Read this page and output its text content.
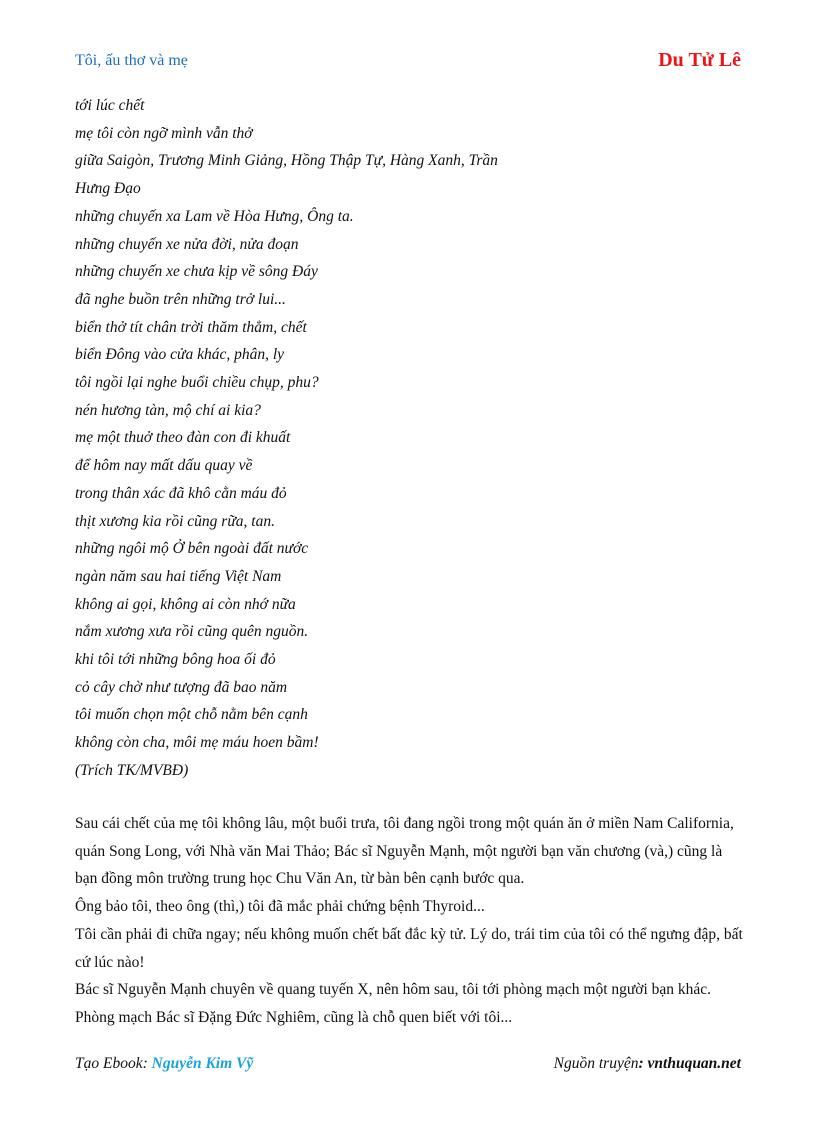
Tôi, ấu thơ và mẹ	Du Tử Lê
tới lúc chết
mẹ tôi còn ngỡ mình vẫn thở
giữa Saigòn, Trương Minh Giảng, Hồng Thập Tự, Hàng Xanh, Trần
Hưng Đạo
những chuyến xa Lam về Hòa Hưng, Ông ta.
những chuyến xe nửa đời, nửa đoạn
những chuyến xe chưa kịp về sông Đáy
đã nghe buồn trên những trở lui...
biển thở tít chân trời thăm thẳm, chết
biển Đông vào cửa khác, phân, ly
tôi ngồi lại nghe buổi chiều chụp, phu?
nén hương tàn, mộ chí ai kia?
mẹ một thuở theo đàn con đi khuất
để hôm nay mất dấu quay về
trong thân xác đã khô cằn máu đỏ
thịt xương kia rồi cũng rữa, tan.
những ngôi mộ Ở bên ngoài đất nước
ngàn năm sau hai tiếng Việt Nam
không ai gọi, không ai còn nhớ nữa
nắm xương xưa rồi cũng quên nguồn.
khi tôi tới những bông hoa ối đỏ
cỏ cây chờ như tượng đã bao năm
tôi muốn chọn một chỗ nằm bên cạnh
không còn cha, môi mẹ máu hoen bầm!
(Trích TK/MVBĐ)

Sau cái chết của mẹ tôi không lâu, một buổi trưa, tôi đang ngồi trong một quán ăn ở miền Nam California, quán Song Long, với Nhà văn Mai Thảo; Bác sĩ Nguyễn Mạnh, một người bạn văn chương (và,) cũng là bạn đồng môn trường trung học Chu Văn An, từ bàn bên cạnh bước qua.

Ông bảo tôi, theo ông (thì,) tôi đã mắc phải chứng bệnh Thyroid...

Tôi cần phải đi chữa ngay; nếu không muốn chết bất đắc kỳ tử. Lý do, trái tim của tôi có thể ngưng đập, bất cứ lúc nào!

Bác sĩ Nguyễn Mạnh chuyên về quang tuyến X, nên hôm sau, tôi tới phòng mạch một người bạn khác. Phòng mạch Bác sĩ Đặng Đức Nghiêm, cũng là chỗ quen biết với tôi...

Tạo Ebook: Nguyễn Kim Vỹ	Nguồn truyện: vnthuquan.net
